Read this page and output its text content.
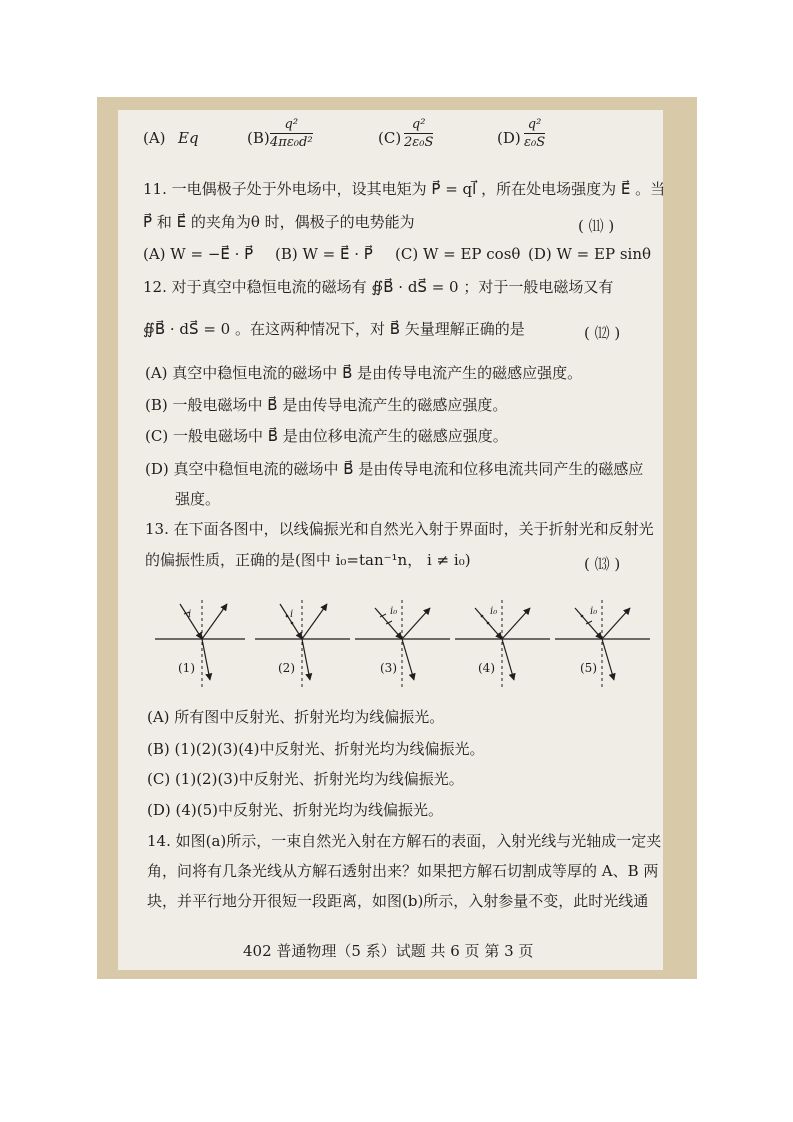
(A) Eq	$(B) \frac{\text{q²}}{\text{4πε₀d²}}$	$(C) \frac{\text{q²}}{\text{2ε₀S}}$	$(D) \frac{\text{q²}}{\text{ε₀S}}$
11. 一电偶极子处于外电场中，设其电矩为 P⃗ = ql⃗ ，所在处电场强度为 E⃗ 。当
P⃗ 和 E⃗ 的夹角为θ 时，偶极子的电势能为	( ⑾ )
(A) W = −E⃗ · P⃗ (B) W = E⃗ · P⃗ (C) W = EP cosθ (D) W = EP sinθ
12. 对于真空中稳恒电流的磁场有 ∯B⃗ · dS⃗ = 0 ；对于一般电磁场又有
∯B⃗ · dS⃗ = 0 。在这两种情况下，对 B⃗ 矢量理解正确的是	( ⑿ )
(A) 真空中稳恒电流的磁场中 B⃗ 是由传导电流产生的磁感应强度。
(B) 一般电磁场中 B⃗ 是由传导电流产生的磁感应强度。
(C) 一般电磁场中 B⃗ 是由位移电流产生的磁感应强度。
(D) 真空中稳恒电流的磁场中 B⃗ 是由传导电流和位移电流共同产生的磁感应
强度。
13. 在下面各图中，以线偏振光和自然光入射于界面时，关于折射光和反射光
的偏振性质，正确的是(图中 i₀=tan⁻¹n， i ≠ i₀)	( ⒀ )
i
(1)
i
(2)
i₀
(3)
i₀
(4)
i₀
(5)
(A) 所有图中反射光、折射光均为线偏振光。
(B) (1)(2)(3)(4)中反射光、折射光均为线偏振光。
(C) (1)(2)(3)中反射光、折射光均为线偏振光。
(D) (4)(5)中反射光、折射光均为线偏振光。
14. 如图(a)所示，一束自然光入射在方解石的表面，入射光线与光轴成一定夹
角，问将有几条光线从方解石透射出来？如果把方解石切割成等厚的 A、B 两
块，并平行地分开很短一段距离，如图(b)所示，入射参量不变，此时光线通
402 普通物理（5 系）试题 共 6 页 第 3 页
